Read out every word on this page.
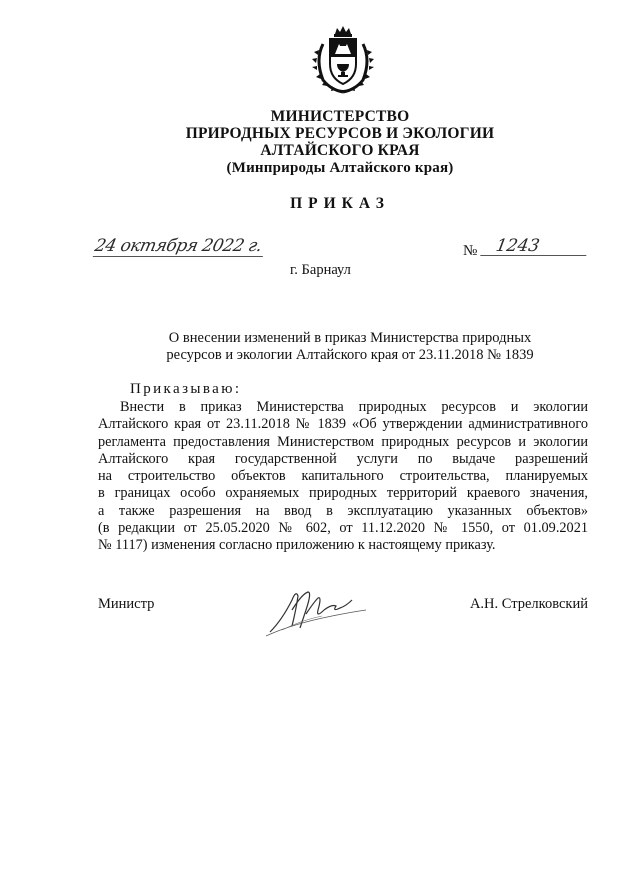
МИНИСТЕРСТВО
ПРИРОДНЫХ РЕСУРСОВ И ЭКОЛОГИИ
АЛТАЙСКОГО КРАЯ
(Минприроды Алтайского края)
ПРИКАЗ
24 октября 2022 г.	№ 1243
г. Барнаул
О внесении изменений в приказ Министерства природных
ресурсов и экологии Алтайского края от 23.11.2018 № 1839
Приказываю:
Внести в приказ Министерства природных ресурсов и экологии
Алтайского края от 23.11.2018 № 1839 «Об утверждении административного
регламента предоставления Министерством природных ресурсов и экологии
Алтайского края государственной услуги по выдаче разрешений
на строительство объектов капитального строительства, планируемых
в границах особо охраняемых природных территорий краевого значения,
а также разрешения на ввод в эксплуатацию указанных объектов»
(в редакции от 25.05.2020 № 602, от 11.12.2020 № 1550, от 01.09.2021
№ 1117) изменения согласно приложению к настоящему приказу.
Министр	А.Н. Стрелковский
